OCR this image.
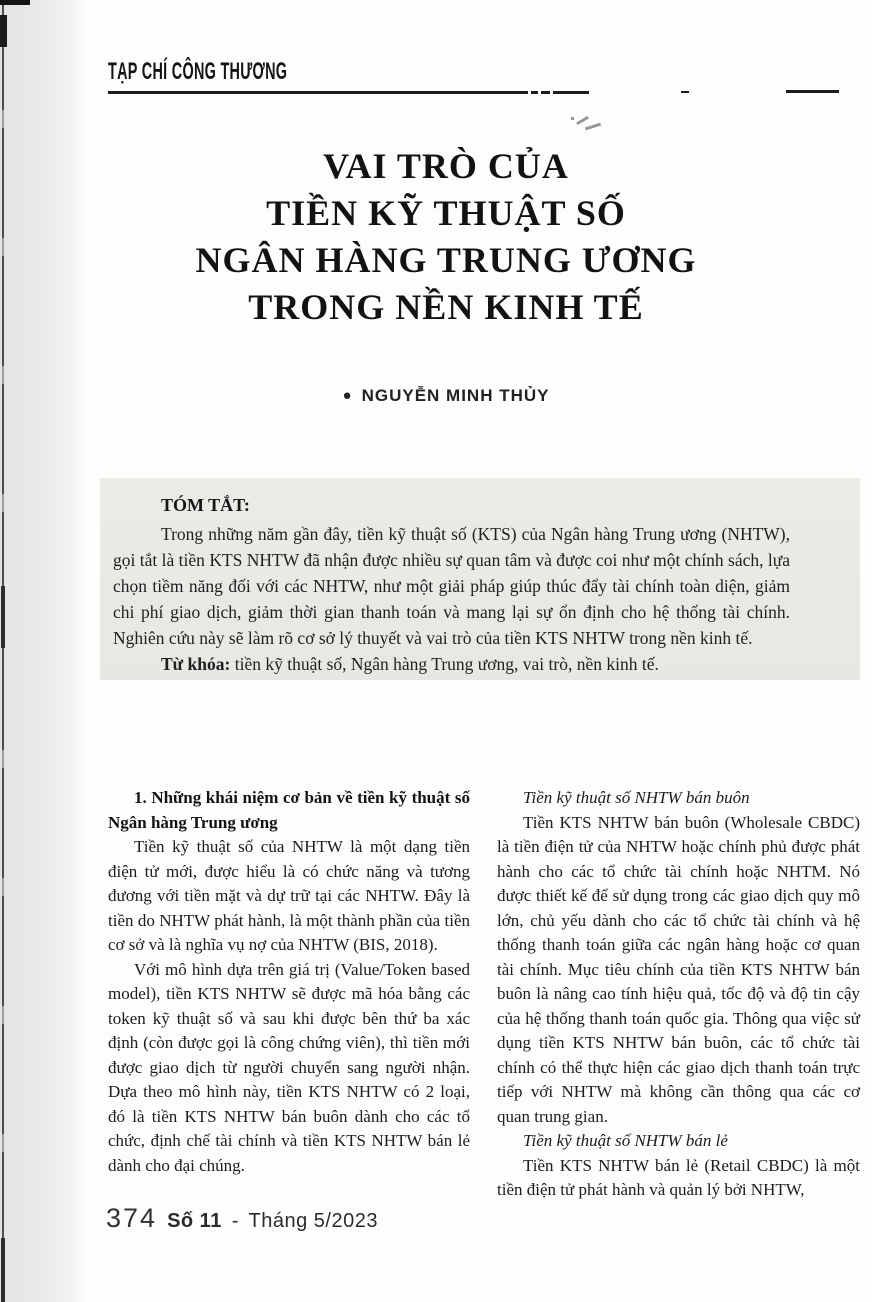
TẠP CHÍ CÔNG THƯƠNG
VAI TRÒ CỦA
TIỀN KỸ THUẬT SỐ
NGÂN HÀNG TRUNG ƯƠNG
TRONG NỀN KINH TẾ
● NGUYỄN MINH THỦY
TÓM TẮT:

Trong những năm gần đây, tiền kỹ thuật số (KTS) của Ngân hàng Trung ương (NHTW), gọi tắt là tiền KTS NHTW đã nhận được nhiều sự quan tâm và được coi như một chính sách, lựa chọn tiềm năng đối với các NHTW, như một giải pháp giúp thúc đẩy tài chính toàn diện, giảm chi phí giao dịch, giảm thời gian thanh toán và mang lại sự ổn định cho hệ thống tài chính. Nghiên cứu này sẽ làm rõ cơ sở lý thuyết và vai trò của tiền KTS NHTW trong nền kinh tế.

Từ khóa: tiền kỹ thuật số, Ngân hàng Trung ương, vai trò, nền kinh tế.

1. Những khái niệm cơ bản về tiền kỹ thuật số Ngân hàng Trung ương

Tiền kỹ thuật số của NHTW là một dạng tiền điện tử mới, được hiểu là có chức năng và tương đương với tiền mặt và dự trữ tại các NHTW. Đây là tiền do NHTW phát hành, là một thành phần của tiền cơ sở và là nghĩa vụ nợ của NHTW (BIS, 2018).

Với mô hình dựa trên giá trị (Value/Token based model), tiền KTS NHTW sẽ được mã hóa bằng các token kỹ thuật số và sau khi được bên thứ ba xác định (còn được gọi là công chứng viên), thì tiền mới được giao dịch từ người chuyển sang người nhận. Dựa theo mô hình này, tiền KTS NHTW có 2 loại, đó là tiền KTS NHTW bán buôn dành cho các tổ chức, định chế tài chính và tiền KTS NHTW bán lẻ dành cho đại chúng.

Tiền kỹ thuật số NHTW bán buôn

Tiền KTS NHTW bán buôn (Wholesale CBDC) là tiền điện tử của NHTW hoặc chính phủ được phát hành cho các tổ chức tài chính hoặc NHTM. Nó được thiết kế để sử dụng trong các giao dịch quy mô lớn, chủ yếu dành cho các tổ chức tài chính và hệ thống thanh toán giữa các ngân hàng hoặc cơ quan tài chính. Mục tiêu chính của tiền KTS NHTW bán buôn là nâng cao tính hiệu quả, tốc độ và độ tin cậy của hệ thống thanh toán quốc gia. Thông qua việc sử dụng tiền KTS NHTW bán buôn, các tổ chức tài chính có thể thực hiện các giao dịch thanh toán trực tiếp với NHTW mà không cần thông qua các cơ quan trung gian.

Tiền kỹ thuật số NHTW bán lẻ

Tiền KTS NHTW bán lẻ (Retail CBDC) là một tiền điện tử phát hành và quản lý bởi NHTW,

374 Số 11 - Tháng 5/2023
